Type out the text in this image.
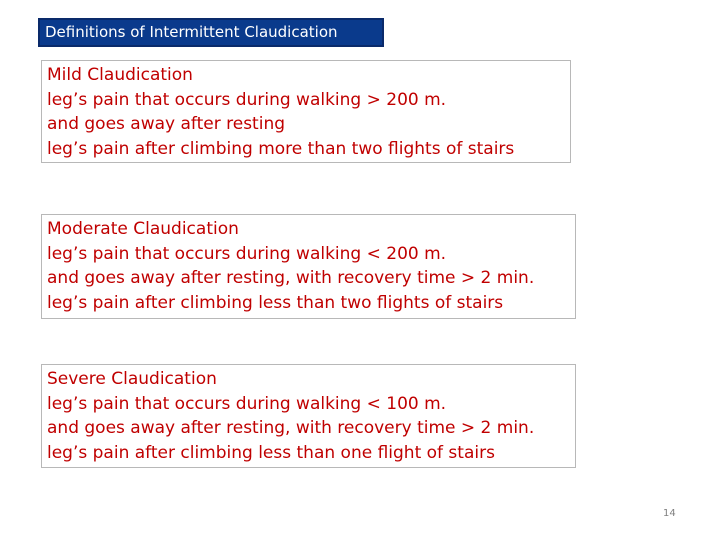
Definitions of Intermittent Claudication
Mild Claudication
leg’s pain that occurs during walking > 200 m.
and goes away after resting
leg’s pain after climbing more than two flights of stairs
Moderate Claudication
leg’s pain that occurs during walking < 200 m.
and goes away after resting, with recovery time > 2 min.
leg’s pain after climbing less than two flights of stairs
Severe Claudication
leg’s pain that occurs during walking < 100 m.
and goes away after resting, with recovery time > 2 min.
leg’s pain after climbing less than one flight of stairs
14
